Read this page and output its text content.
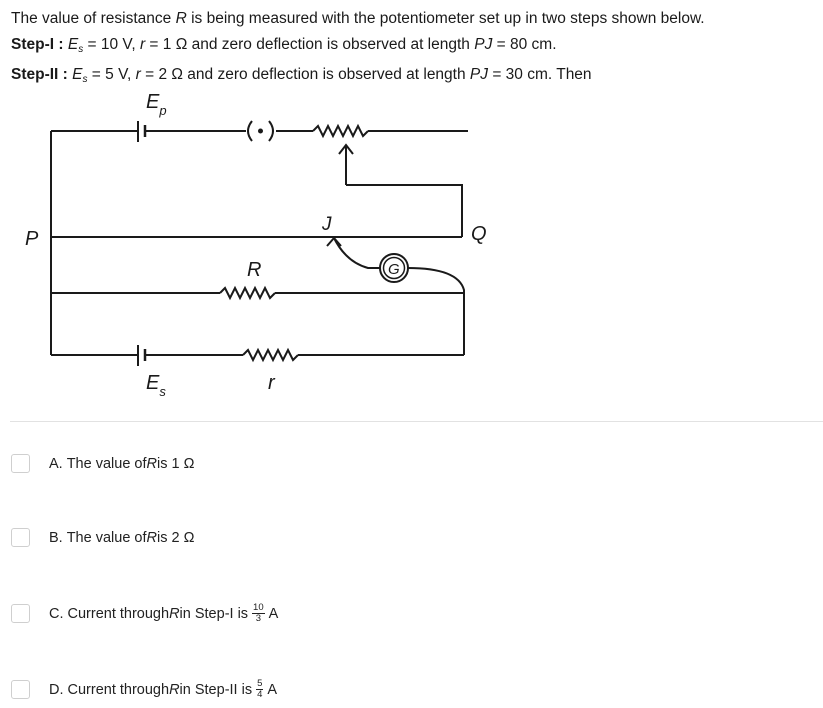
The value of resistance R is being measured with the potentiometer set up in two steps shown below.
Step-I : $E_s = 10$ V, r = 1 Ω and zero deflection is observed at length PJ = 80 cm.
Step-II : $E_s = 5$ V, r = 2 Ω and zero deflection is observed at length PJ = 30 cm. Then
$E_p$
P	Q
J
G
R
$E_s$	r
A. The value of R is 1 Ω
B. The value of R is 2 Ω
C. Current through R in Step-I is $\frac{10}{3}$ A
D. Current through R in Step-II is $\frac{5}{4}$ A
